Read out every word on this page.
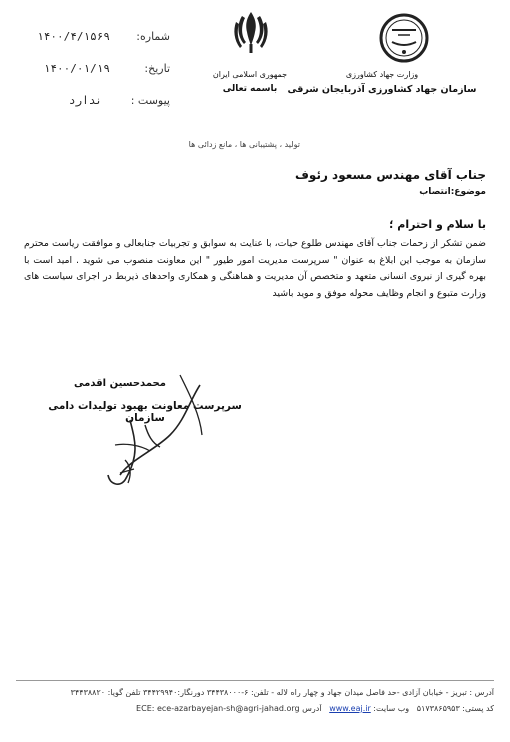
شماره:
۱۴۰۰/۴/۱۵۶۹
تاریخ:
۱۴۰۰/۰۱/۱۹
پیوست :
ندارد
جمهوری اسلامی ایران
باسمه تعالی
وزارت جهاد کشاورزی
سازمان جهاد کشاورزی آذربایجان شرقی
تولید ، پشتیبانی ها ، مانع زدائی ها
جناب آقای مهندس مسعود رئوف
موضوع:انتصاب
با سلام و احترام ؛
ضمن تشکر از زحمات جناب آقای مهندس طلوع حیات، با عنایت به سوابق و تجربیات جنابعالی و موافقت ریاست محترم سازمان به موجب این ابلاغ به عنوان " سرپرست مدیریت امور طیور " این معاونت منصوب می شوید . امید است با بهره گیری از نیروی انسانی متعهد و متخصص آن مدیریت و هماهنگی و همکاری واحدهای ذیربط در اجرای سیاست های وزارت متبوع و انجام وظایف محوله موفق و موید باشید
محمدحسین اقدمی
سرپرست معاونت بهبود تولیدات دامی سازمان
آدرس : تبریز - خیابان آزادی -حد فاصل میدان جهاد و چهار راه لاله - تلفن: ۶-۳۴۴۳۸۰۰۰ دورنگار:۳۴۴۲۹۹۴۰ تلفن گویا: ۳۴۴۳۸۸۲۰
کد پستی: ۵۱۷۳۸۶۵۹۵۳   وب سایت: www.eaj.ir   آدرس ECE: ece-azarbayejan-sh@agri-jahad.org
